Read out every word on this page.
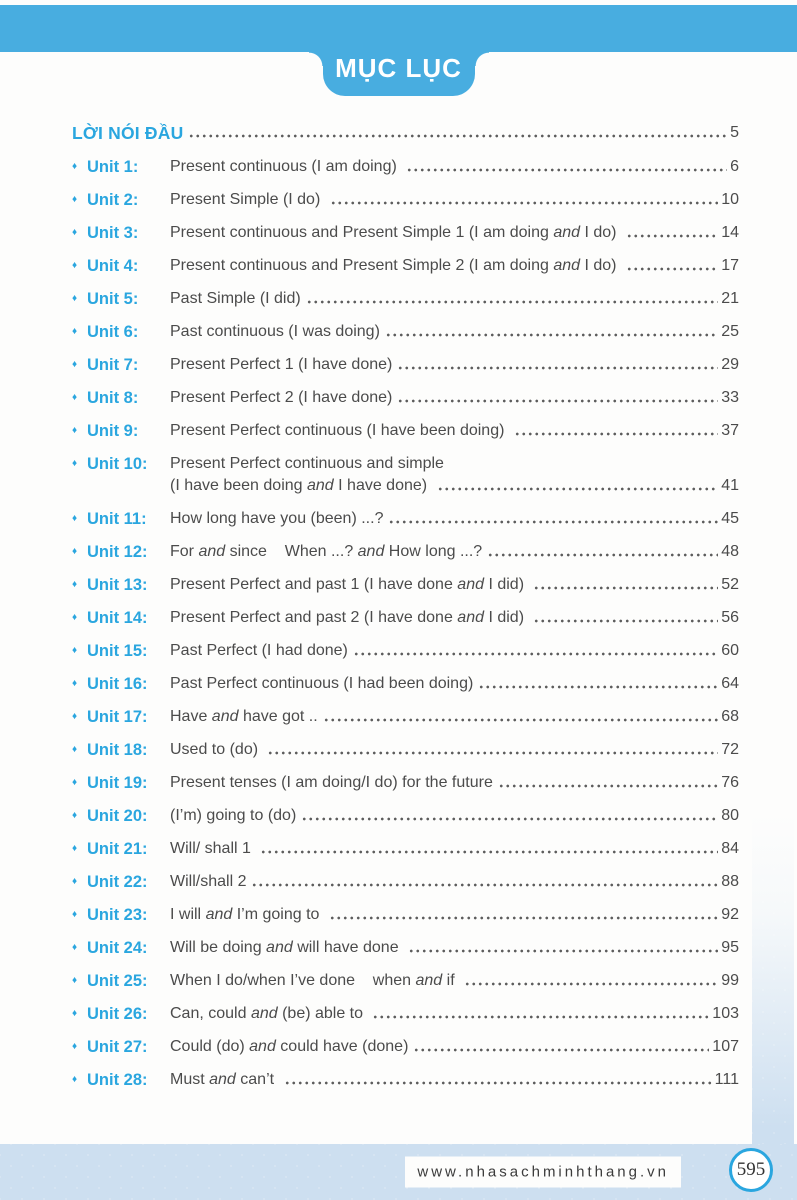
MỤC LỤC
LỜI NÓI ĐẦU	5
♦ Unit 1:	Present continuous (I am doing)	6
♦ Unit 2:	Present Simple (I do)	10
♦ Unit 3:	Present continuous and Present Simple 1 (I am doing and I do)	14
♦ Unit 4:	Present continuous and Present Simple 2 (I am doing and I do)	17
♦ Unit 5:	Past Simple (I did)	21
♦ Unit 6:	Past continuous (I was doing)	25
♦ Unit 7:	Present Perfect 1 (I have done)	29
♦ Unit 8:	Present Perfect 2 (I have done)	33
♦ Unit 9:	Present Perfect continuous (I have been doing)	37
♦ Unit 10:	Present Perfect continuous and simple
(I have been doing and I have done)	41
♦ Unit 11:	How long have you (been) ...?	45
♦ Unit 12:	For and since    When ...? and How long ...?	48
♦ Unit 13:	Present Perfect and past 1 (I have done and I did)	52
♦ Unit 14:	Present Perfect and past 2 (I have done and I did)	56
♦ Unit 15:	Past Perfect (I had done)	60
♦ Unit 16:	Past Perfect continuous (I had been doing)	64
♦ Unit 17:	Have and have got ..	68
♦ Unit 18:	Used to (do)	72
♦ Unit 19:	Present tenses (I am doing/I do) for the future	76
♦ Unit 20:	(I’m) going to (do)	80
♦ Unit 21:	Will/ shall 1	84
♦ Unit 22:	Will/shall 2	88
♦ Unit 23:	I will and I’m going to	92
♦ Unit 24:	Will be doing and will have done	95
♦ Unit 25:	When I do/when I’ve done    when and if	99
♦ Unit 26:	Can, could and (be) able to	103
♦ Unit 27:	Could (do) and could have (done)	107
♦ Unit 28:	Must and can’t	111
www.nhasachminhthang.vn	595
